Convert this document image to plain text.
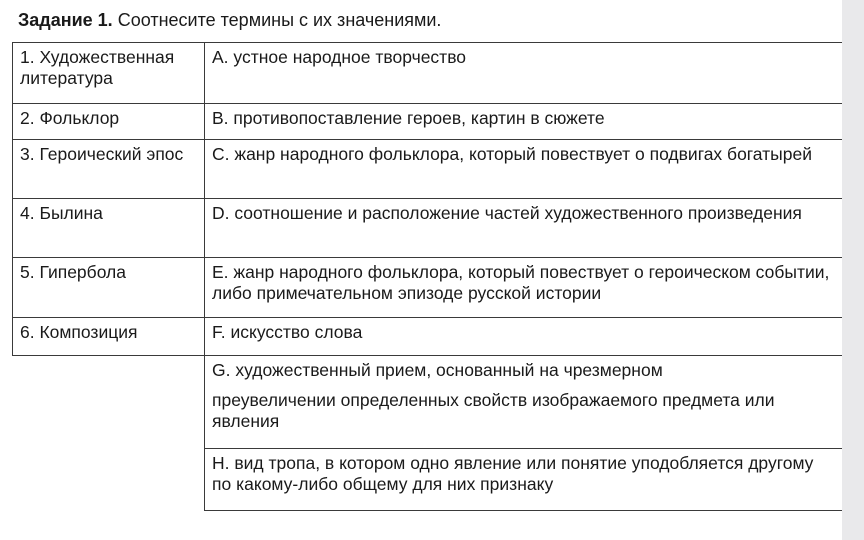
Задание 1. Соотнесите термины с их значениями.
1. Художественная литература
2. Фольклор
3. Героический эпос
4. Былина
5. Гипербола
6. Композиция
A. устное народное творчество
B. противопоставление героев, картин в сюжете
C. жанр народного фольклора, который повествует о подвигах богатырей
D. соотношение и расположение частей художественного произведения
E. жанр народного фольклора, который повествует о героическом событии, либо примечательном эпизоде русской истории
F. искусство слова
G. художественный прием, основанный на чрезмерном
преувеличении определенных свойств изображаемого предмета или явления
H. вид тропа, в котором одно явление или понятие уподобляется другому по какому-либо общему для них признаку
